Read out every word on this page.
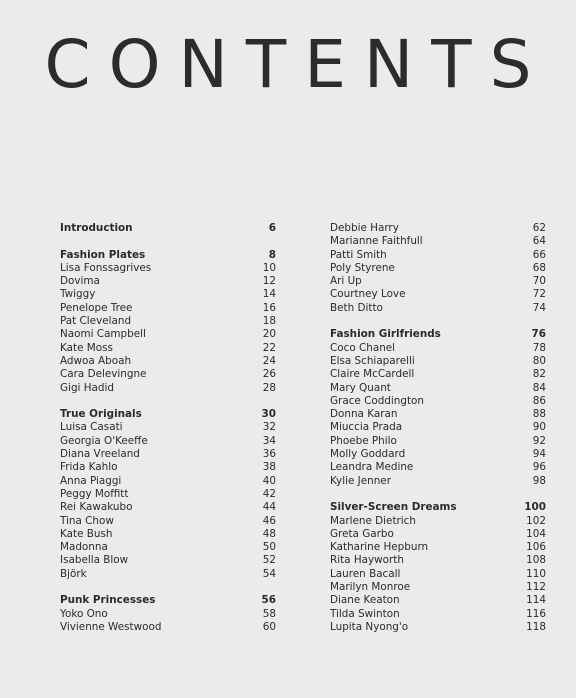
CONTENTS
Introduction	6
Fashion Plates	8
Lisa Fonssagrives	10
Dovima	12
Twiggy	14
Penelope Tree	16
Pat Cleveland	18
Naomi Campbell	20
Kate Moss	22
Adwoa Aboah	24
Cara Delevingne	26
Gigi Hadid	28
True Originals	30
Luisa Casati	32
Georgia O'Keeffe	34
Diana Vreeland	36
Frida Kahlo	38
Anna Piaggi	40
Peggy Moffitt	42
Rei Kawakubo	44
Tina Chow	46
Kate Bush	48
Madonna	50
Isabella Blow	52
Björk	54
Punk Princesses	56
Yoko Ono	58
Vivienne Westwood	60
Debbie Harry	62
Marianne Faithfull	64
Patti Smith	66
Poly Styrene	68
Ari Up	70
Courtney Love	72
Beth Ditto	74
Fashion Girlfriends	76
Coco Chanel	78
Elsa Schiaparelli	80
Claire McCardell	82
Mary Quant	84
Grace Coddington	86
Donna Karan	88
Miuccia Prada	90
Phoebe Philo	92
Molly Goddard	94
Leandra Medine	96
Kylie Jenner	98
Silver-Screen Dreams	100
Marlene Dietrich	102
Greta Garbo	104
Katharine Hepburn	106
Rita Hayworth	108
Lauren Bacall	110
Marilyn Monroe	112
Diane Keaton	114
Tilda Swinton	116
Lupita Nyong'o	118
